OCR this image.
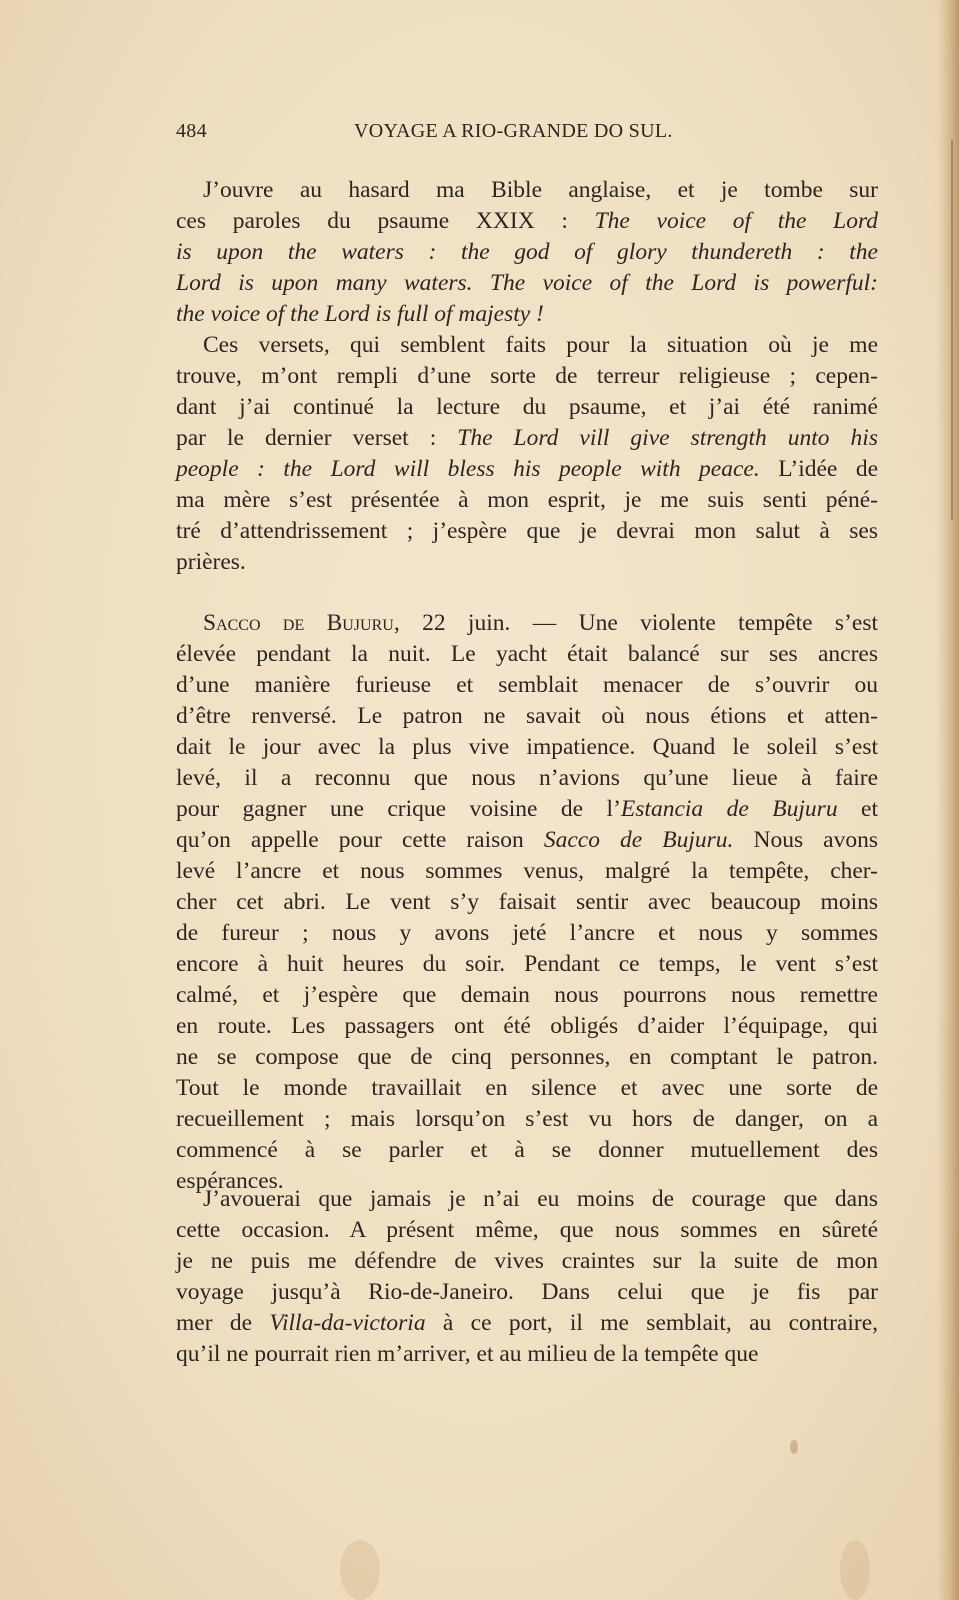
484	VOYAGE A RIO-GRANDE DO SUL.
J’ouvre au hasard ma Bible anglaise, et je tombe sur
ces paroles du psaume XXIX : The voice of the Lord
is upon the waters : the god of glory thundereth : the
Lord is upon many waters. The voice of the Lord is powerful:
the voice of the Lord is full of majesty !
Ces versets, qui semblent faits pour la situation où je me
trouve, m’ont rempli d’une sorte de terreur religieuse ; cepen-
dant j’ai continué la lecture du psaume, et j’ai été ranimé
par le dernier verset : The Lord vill give strength unto his
people : the Lord will bless his people with peace. L’idée de
ma mère s’est présentée à mon esprit, je me suis senti péné-
tré d’attendrissement ; j’espère que je devrai mon salut à ses
prières.
Sacco de Bujuru, 22 juin. — Une violente tempête s’est
élevée pendant la nuit. Le yacht était balancé sur ses ancres
d’une manière furieuse et semblait menacer de s’ouvrir ou
d’être renversé. Le patron ne savait où nous étions et atten-
dait le jour avec la plus vive impatience. Quand le soleil s’est
levé, il a reconnu que nous n’avions qu’une lieue à faire
pour gagner une crique voisine de l’Estancia de Bujuru et
qu’on appelle pour cette raison Sacco de Bujuru. Nous avons
levé l’ancre et nous sommes venus, malgré la tempête, cher-
cher cet abri. Le vent s’y faisait sentir avec beaucoup moins
de fureur ; nous y avons jeté l’ancre et nous y sommes
encore à huit heures du soir. Pendant ce temps, le vent s’est
calmé, et j’espère que demain nous pourrons nous remettre
en route. Les passagers ont été obligés d’aider l’équipage, qui
ne se compose que de cinq personnes, en comptant le patron.
Tout le monde travaillait en silence et avec une sorte de
recueillement ; mais lorsqu’on s’est vu hors de danger, on a
commencé à se parler et à se donner mutuellement des
espérances.
J’avouerai que jamais je n’ai eu moins de courage que dans
cette occasion. A présent même, que nous sommes en sûreté
je ne puis me défendre de vives craintes sur la suite de mon
voyage jusqu’à Rio-de-Janeiro. Dans celui que je fis par
mer de Villa-da-victoria à ce port, il me semblait, au contraire,
qu’il ne pourrait rien m’arriver, et au milieu de la tempête que
